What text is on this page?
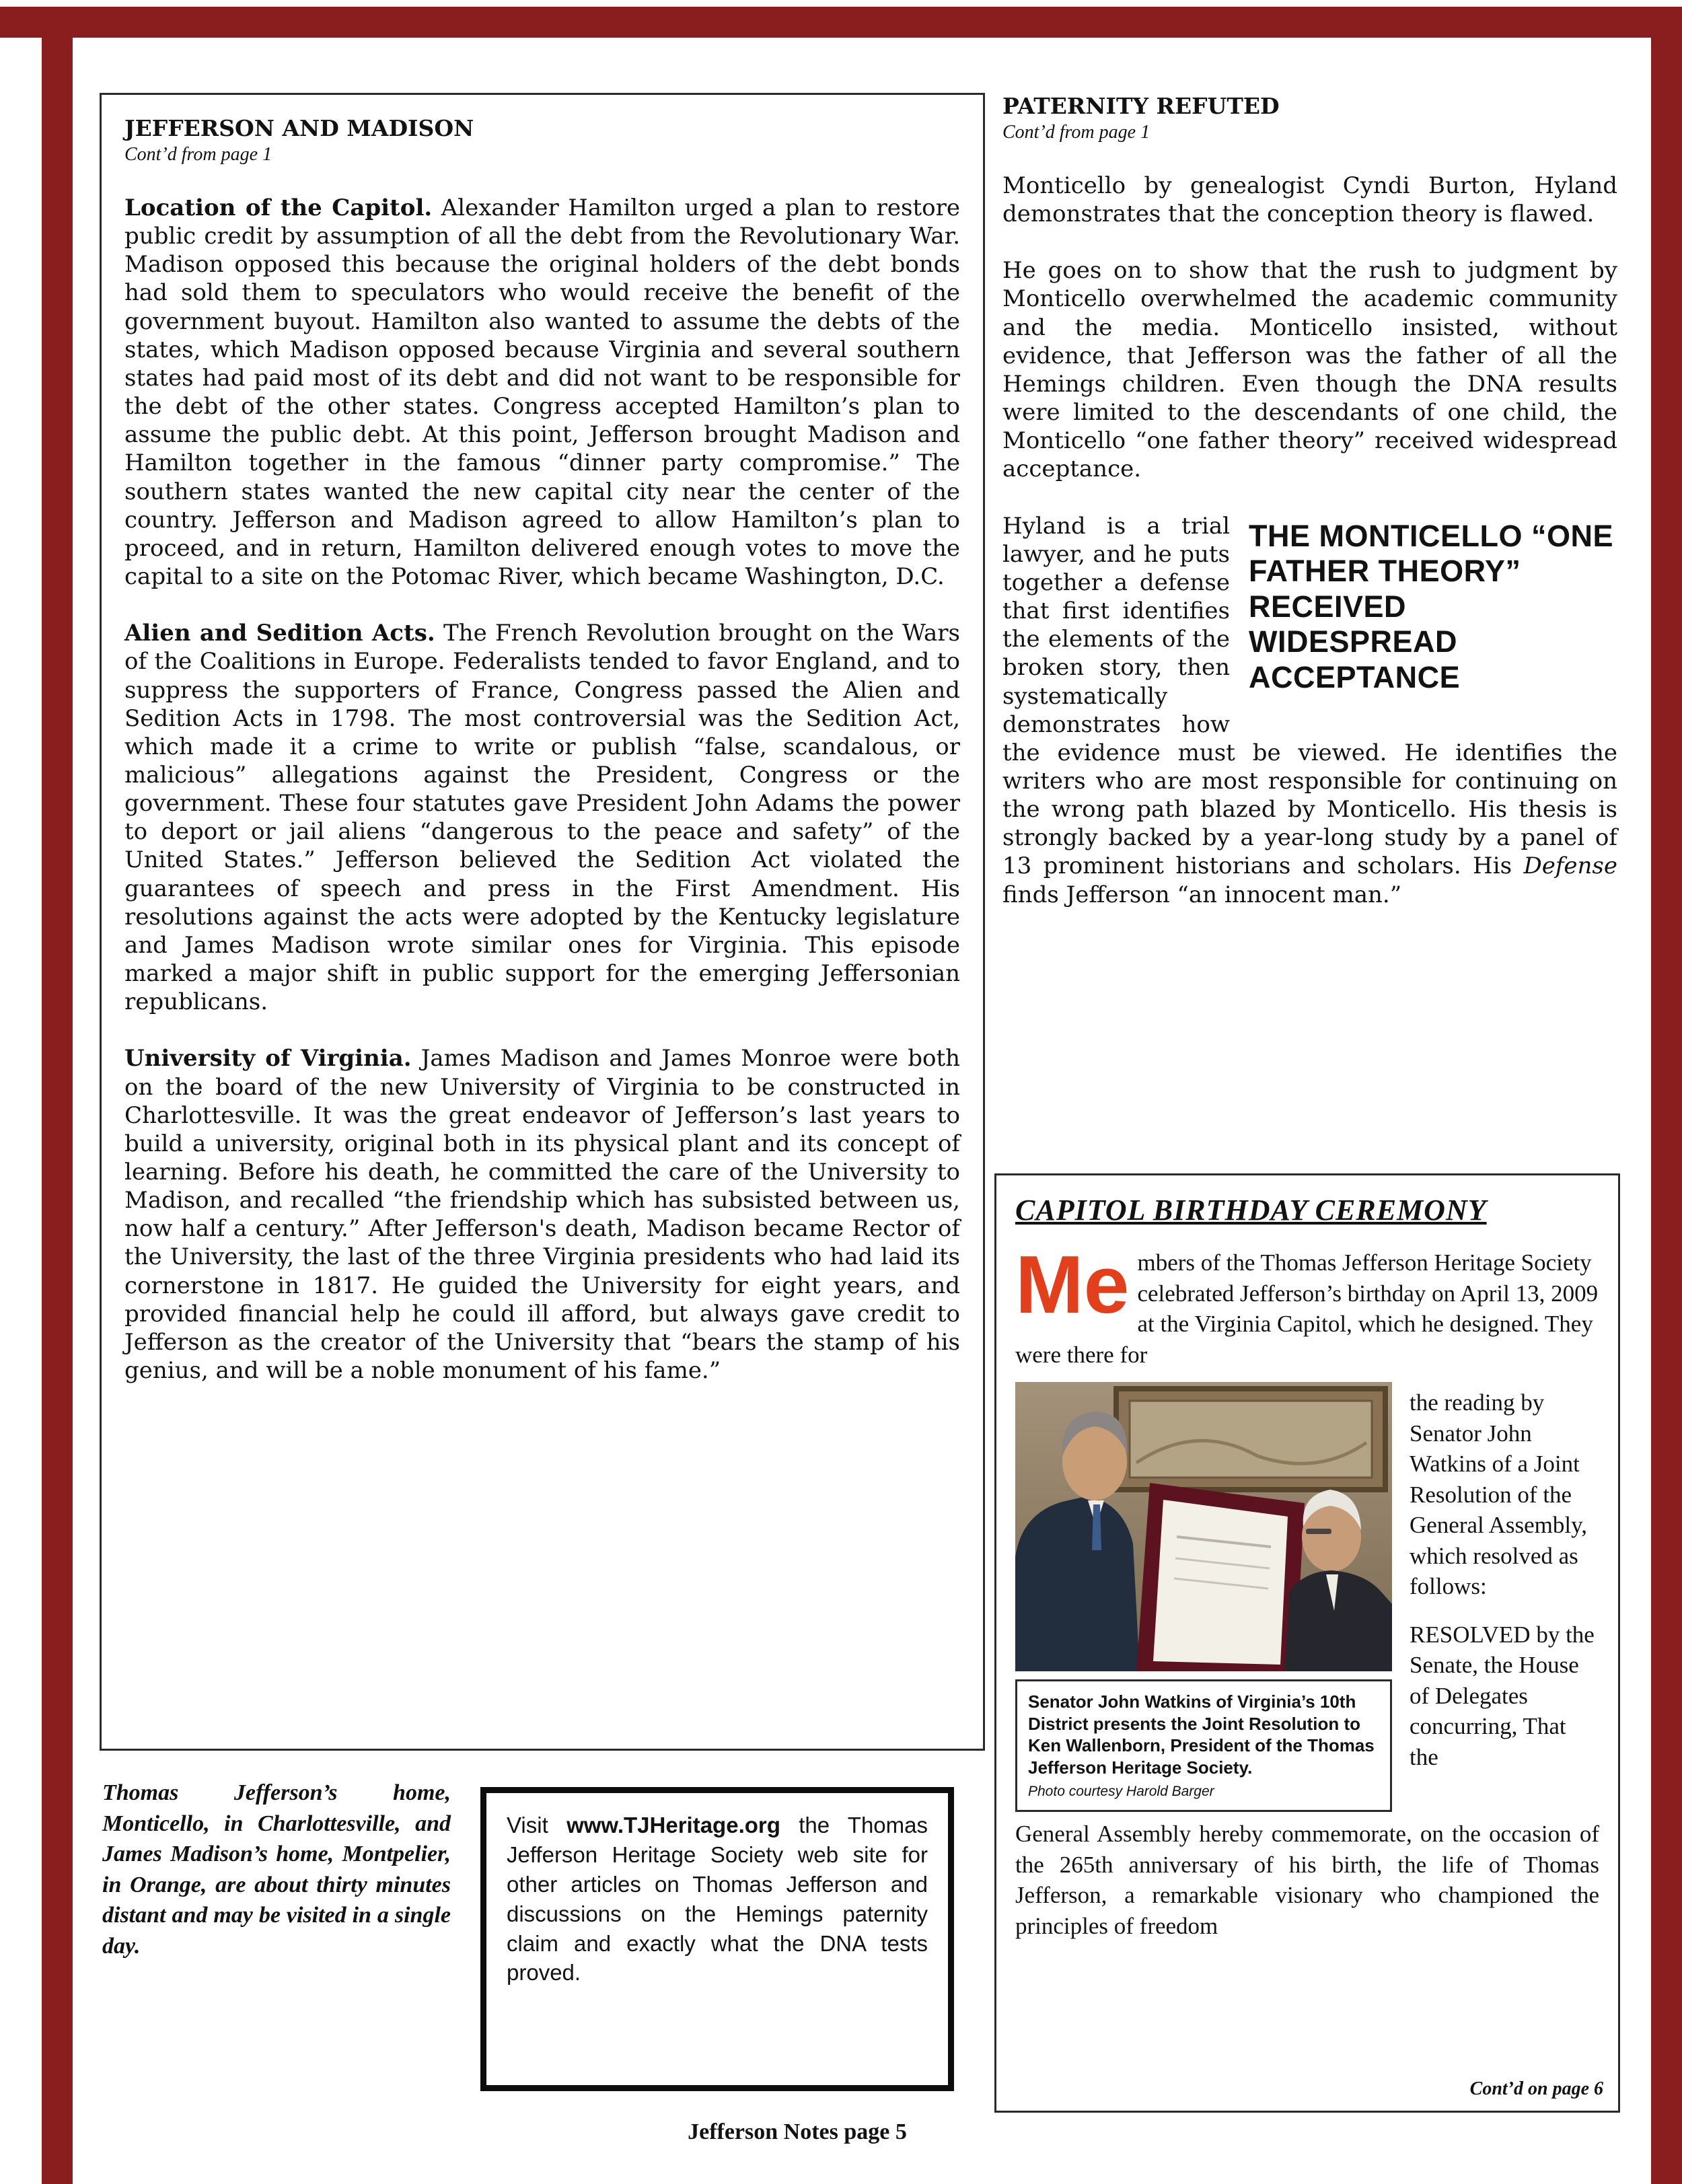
JEFFERSON AND MADISON
Cont’d from page 1

Location of the Capitol. Alexander Hamilton urged a plan to restore public credit by assumption of all the debt from the Revolutionary War. Madison opposed this because the original holders of the debt bonds had sold them to speculators who would receive the benefit of the government buyout. Hamilton also wanted to assume the debts of the states, which Madison opposed because Virginia and several southern states had paid most of its debt and did not want to be responsible for the debt of the other states. Congress accepted Hamilton’s plan to assume the public debt. At this point, Jefferson brought Madison and Hamilton together in the famous “dinner party compromise.” The southern states wanted the new capital city near the center of the country. Jefferson and Madison agreed to allow Hamilton’s plan to proceed, and in return, Hamilton delivered enough votes to move the capital to a site on the Potomac River, which became Washington, D.C.

Alien and Sedition Acts. The French Revolution brought on the Wars of the Coalitions in Europe. Federalists tended to favor England, and to suppress the supporters of France, Congress passed the Alien and Sedition Acts in 1798. The most controversial was the Sedition Act, which made it a crime to write or publish “false, scandalous, or malicious” allegations against the President, Congress or the government. These four statutes gave President John Adams the power to deport or jail aliens “dangerous to the peace and safety” of the United States.” Jefferson believed the Sedition Act violated the guarantees of speech and press in the First Amendment. His resolutions against the acts were adopted by the Kentucky legislature and James Madison wrote similar ones for Virginia. This episode marked a major shift in public support for the emerging Jeffersonian republicans.

University of Virginia. James Madison and James Monroe were both on the board of the new University of Virginia to be constructed in Charlottesville. It was the great endeavor of Jefferson’s last years to build a university, original both in its physical plant and its concept of learning. Before his death, he committed the care of the University to Madison, and recalled “the friendship which has subsisted between us, now half a century.” After Jefferson's death, Madison became Rector of the University, the last of the three Virginia presidents who had laid its cornerstone in 1817. He guided the University for eight years, and provided financial help he could ill afford, but always gave credit to Jefferson as the creator of the University that “bears the stamp of his genius, and will be a noble monument of his fame.”

PATERNITY REFUTED
Cont’d from page 1

Monticello by genealogist Cyndi Burton, Hyland demonstrates that the conception theory is flawed.

He goes on to show that the rush to judgment by Monticello overwhelmed the academic community and the media. Monticello insisted, without evidence, that Jefferson was the father of all the Hemings children. Even though the DNA results were limited to the descendants of one child, the Monticello “one father theory” received widespread acceptance.

THE MONTICELLO “ONE FATHER THEORY” RECEIVED WIDESPREAD ACCEPTANCE
Hyland is a trial lawyer, and he puts together a defense that first identifies the elements of the broken story, then systematically demonstrates how the evidence must be viewed. He identifies the writers who are most responsible for continuing on the wrong path blazed by Monticello. His thesis is strongly backed by a year-long study by a panel of 13 prominent historians and scholars. His Defense finds Jefferson “an innocent man.”
CAPITOL BIRTHDAY CEREMONY

Me mbers of the Thomas Jefferson Heritage Society celebrated Jefferson’s birthday on April 13, 2009 at the Virginia Capitol, which he designed. They were there for

Senator John Watkins of Virginia’s 10th District presents the Joint Resolution to Ken Wallenborn, President of the Thomas Jefferson Heritage Society.
Photo courtesy Harold Barger

the reading by Senator John Watkins of a Joint Resolution of the General Assembly, which resolved as follows:

RESOLVED by the Senate, the House of Delegates concurring, That the

General Assembly hereby commemorate, on the occasion of the 265th anniversary of his birth, the life of Thomas Jefferson, a remarkable visionary who championed the principles of freedom

Cont’d on page 6
Thomas Jefferson’s home, Monticello, in Charlottesville, and James Madison’s home, Montpelier, in Orange, are about thirty minutes distant and may be visited in a single day.
Visit www.TJHeritage.org the Thomas Jefferson Heritage Society web site for other articles on Thomas Jefferson and discussions on the Hemings paternity claim and exactly what the DNA tests proved.
Jefferson Notes page 5
